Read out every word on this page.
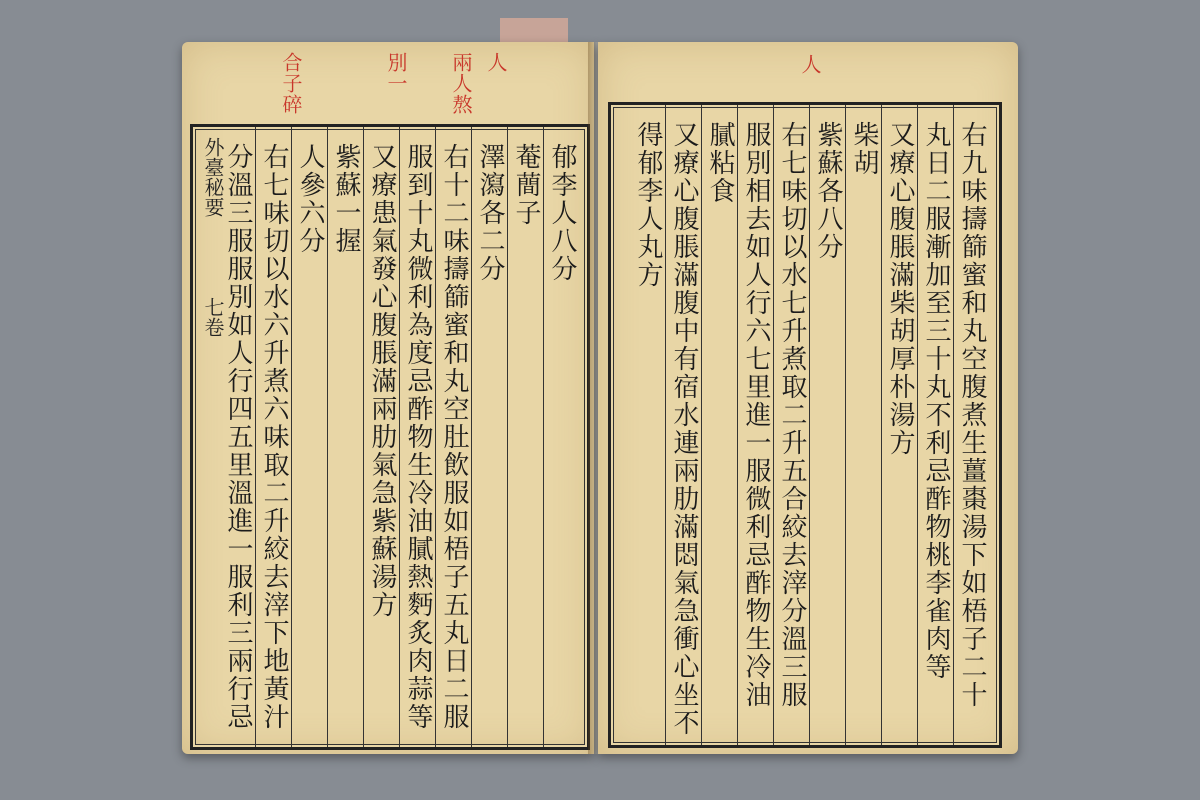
人
兩人熬
別一
合子碎
外臺秘要
七卷
郁李人八分
菴蕳子
澤瀉各二分
右十二味擣篩蜜和丸空肚飲服如梧子五丸日二服
服到十丸微利為度忌酢物生冷油膩熱麪炙肉蒜等
又療患氣發心腹脹滿兩肋氣急紫蘇湯方
紫蘇一握
人參六分
右七味切以水六升煮六味取二升絞去滓下地黃汁
分溫三服服別如人行四五里溫進一服利三兩行忌
人
右九味擣篩蜜和丸空腹煮生薑棗湯下如梧子二十
丸日二服漸加至三十丸不利忌酢物桃李雀肉等
又療心腹脹滿柴胡厚朴湯方
柴胡
紫蘇各八分
右七味切以水七升煮取二升五合絞去滓分溫三服
服別相去如人行六七里進一服微利忌酢物生冷油
膩粘食
又療心腹脹滿腹中有宿水連兩肋滿悶氣急衝心坐不
得郁李人丸方
